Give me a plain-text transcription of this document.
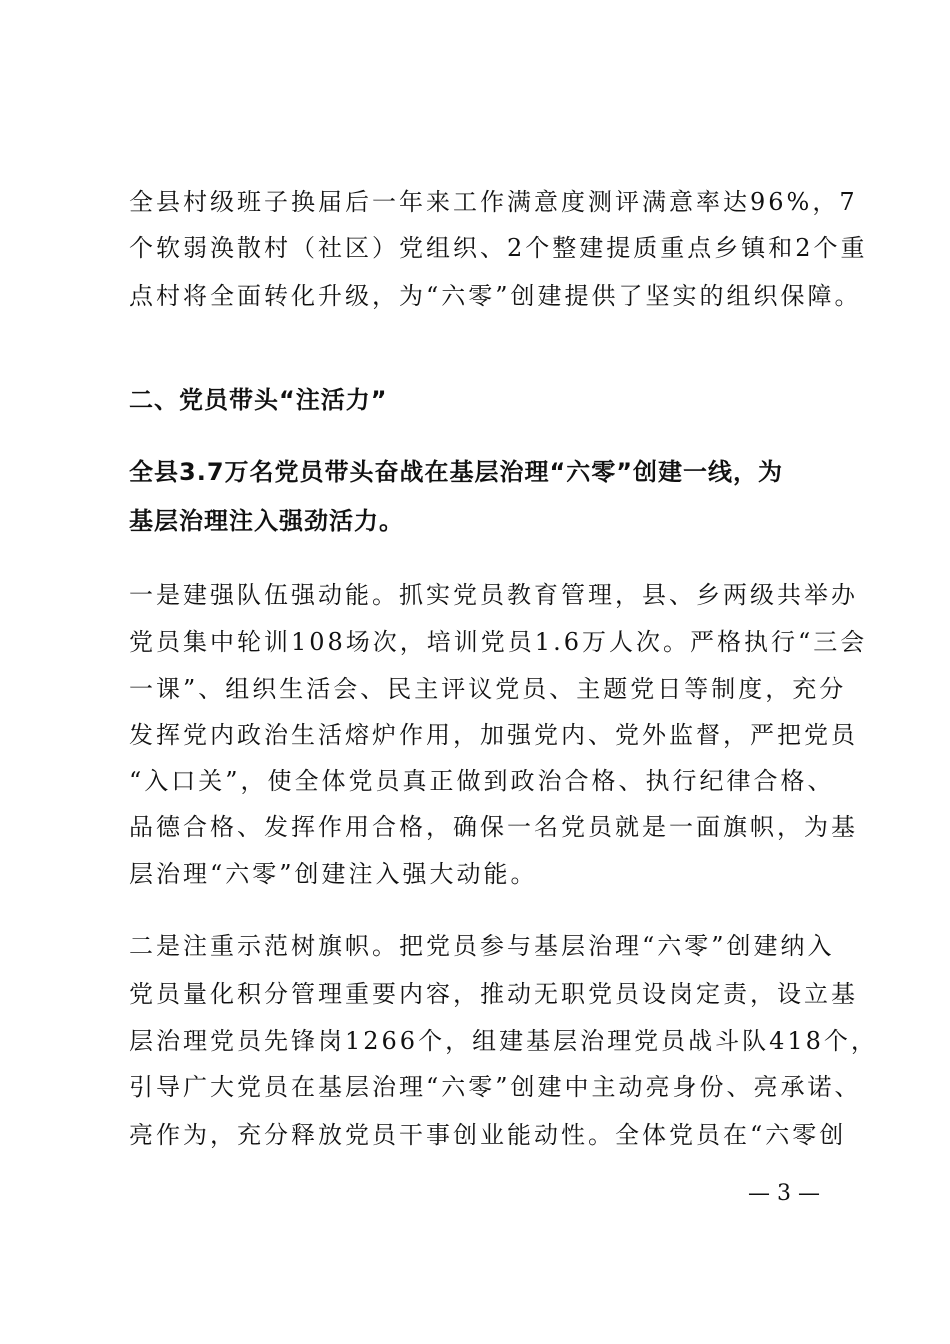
全县村级班子换届后一年来工作满意度测评满意率达96%，7
个软弱涣散村（社区）党组织、2个整建提质重点乡镇和2个重
点村将全面转化升级，为“六零”创建提供了坚实的组织保障。
二、党员带头“注活力”
全县3.7万名党员带头奋战在基层治理“六零”创建一线，为
基层治理注入强劲活力。
一是建强队伍强动能。抓实党员教育管理，县、乡两级共举办
党员集中轮训108场次，培训党员1.6万人次。严格执行“三会
一课”、组织生活会、民主评议党员、主题党日等制度，充分
发挥党内政治生活熔炉作用，加强党内、党外监督，严把党员
“入口关”，使全体党员真正做到政治合格、执行纪律合格、
品德合格、发挥作用合格，确保一名党员就是一面旗帜，为基
层治理“六零”创建注入强大动能。
二是注重示范树旗帜。把党员参与基层治理“六零”创建纳入
党员量化积分管理重要内容，推动无职党员设岗定责，设立基
层治理党员先锋岗1266个，组建基层治理党员战斗队418个，
引导广大党员在基层治理“六零”创建中主动亮身份、亮承诺、
亮作为，充分释放党员干事创业能动性。全体党员在“六零创
— 3 —
